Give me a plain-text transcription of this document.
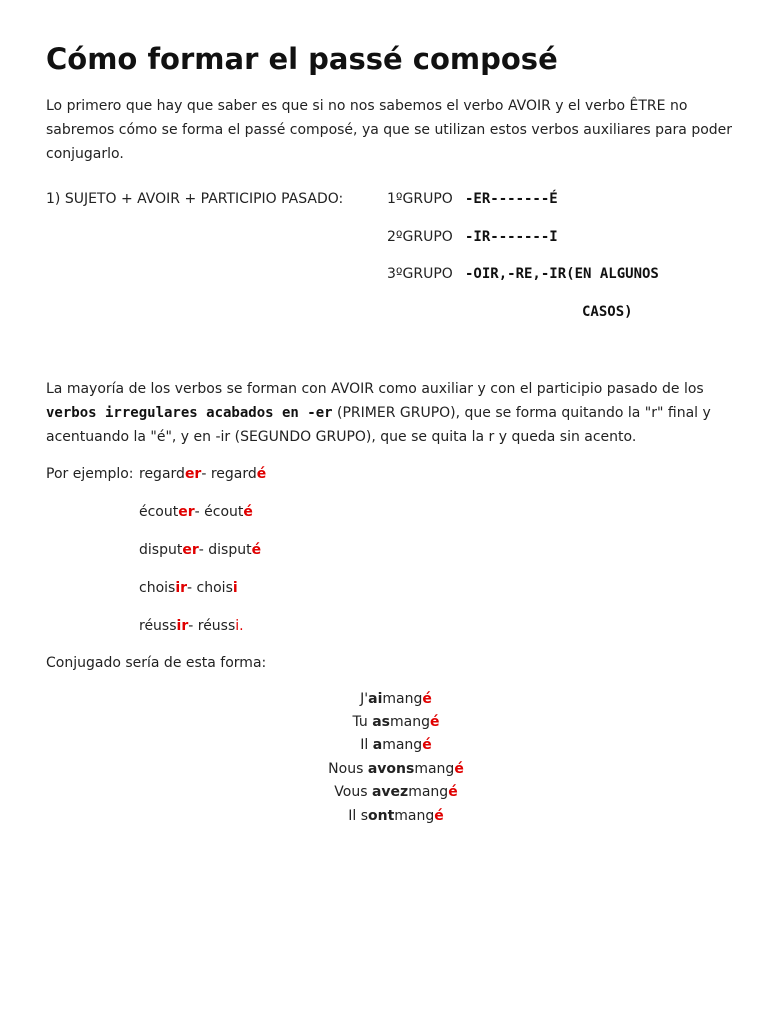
Cómo formar el passé composé

Lo primero que hay que saber es que si no nos sabemos el verbo AVOIR y el verbo ÊTRE no sabremos cómo se forma el passé composé, ya que se utilizan estos verbos auxiliares para poder conjugarlo.

1) SUJETO + AVOIR + PARTICIPIO PASADO:	1ºGRUPO -ER-------É
2ºGRUPO -IR-------I
3ºGRUPO -OIR,-RE,-IR(EN ALGUNOS
CASOS)

La mayoría de los verbos se forman con AVOIR como auxiliar y con el participio pasado de los verbos irregulares acabados en -er (PRIMER GRUPO), que se forma quitando la "r" final y acentuando la "é", y en -ir (SEGUNDO GRUPO), que se quita la r y queda sin acento.

Por ejemplo: regarder- regardé
écouter- écouté
disputer- disputé
choisir- choisi
réussir- réussi.
Conjugado sería de esta forma:
J'aimangé
Tu asmangé
Il amangé
Nous avonsmangé
Vous avezmangé
Il sontmangé
